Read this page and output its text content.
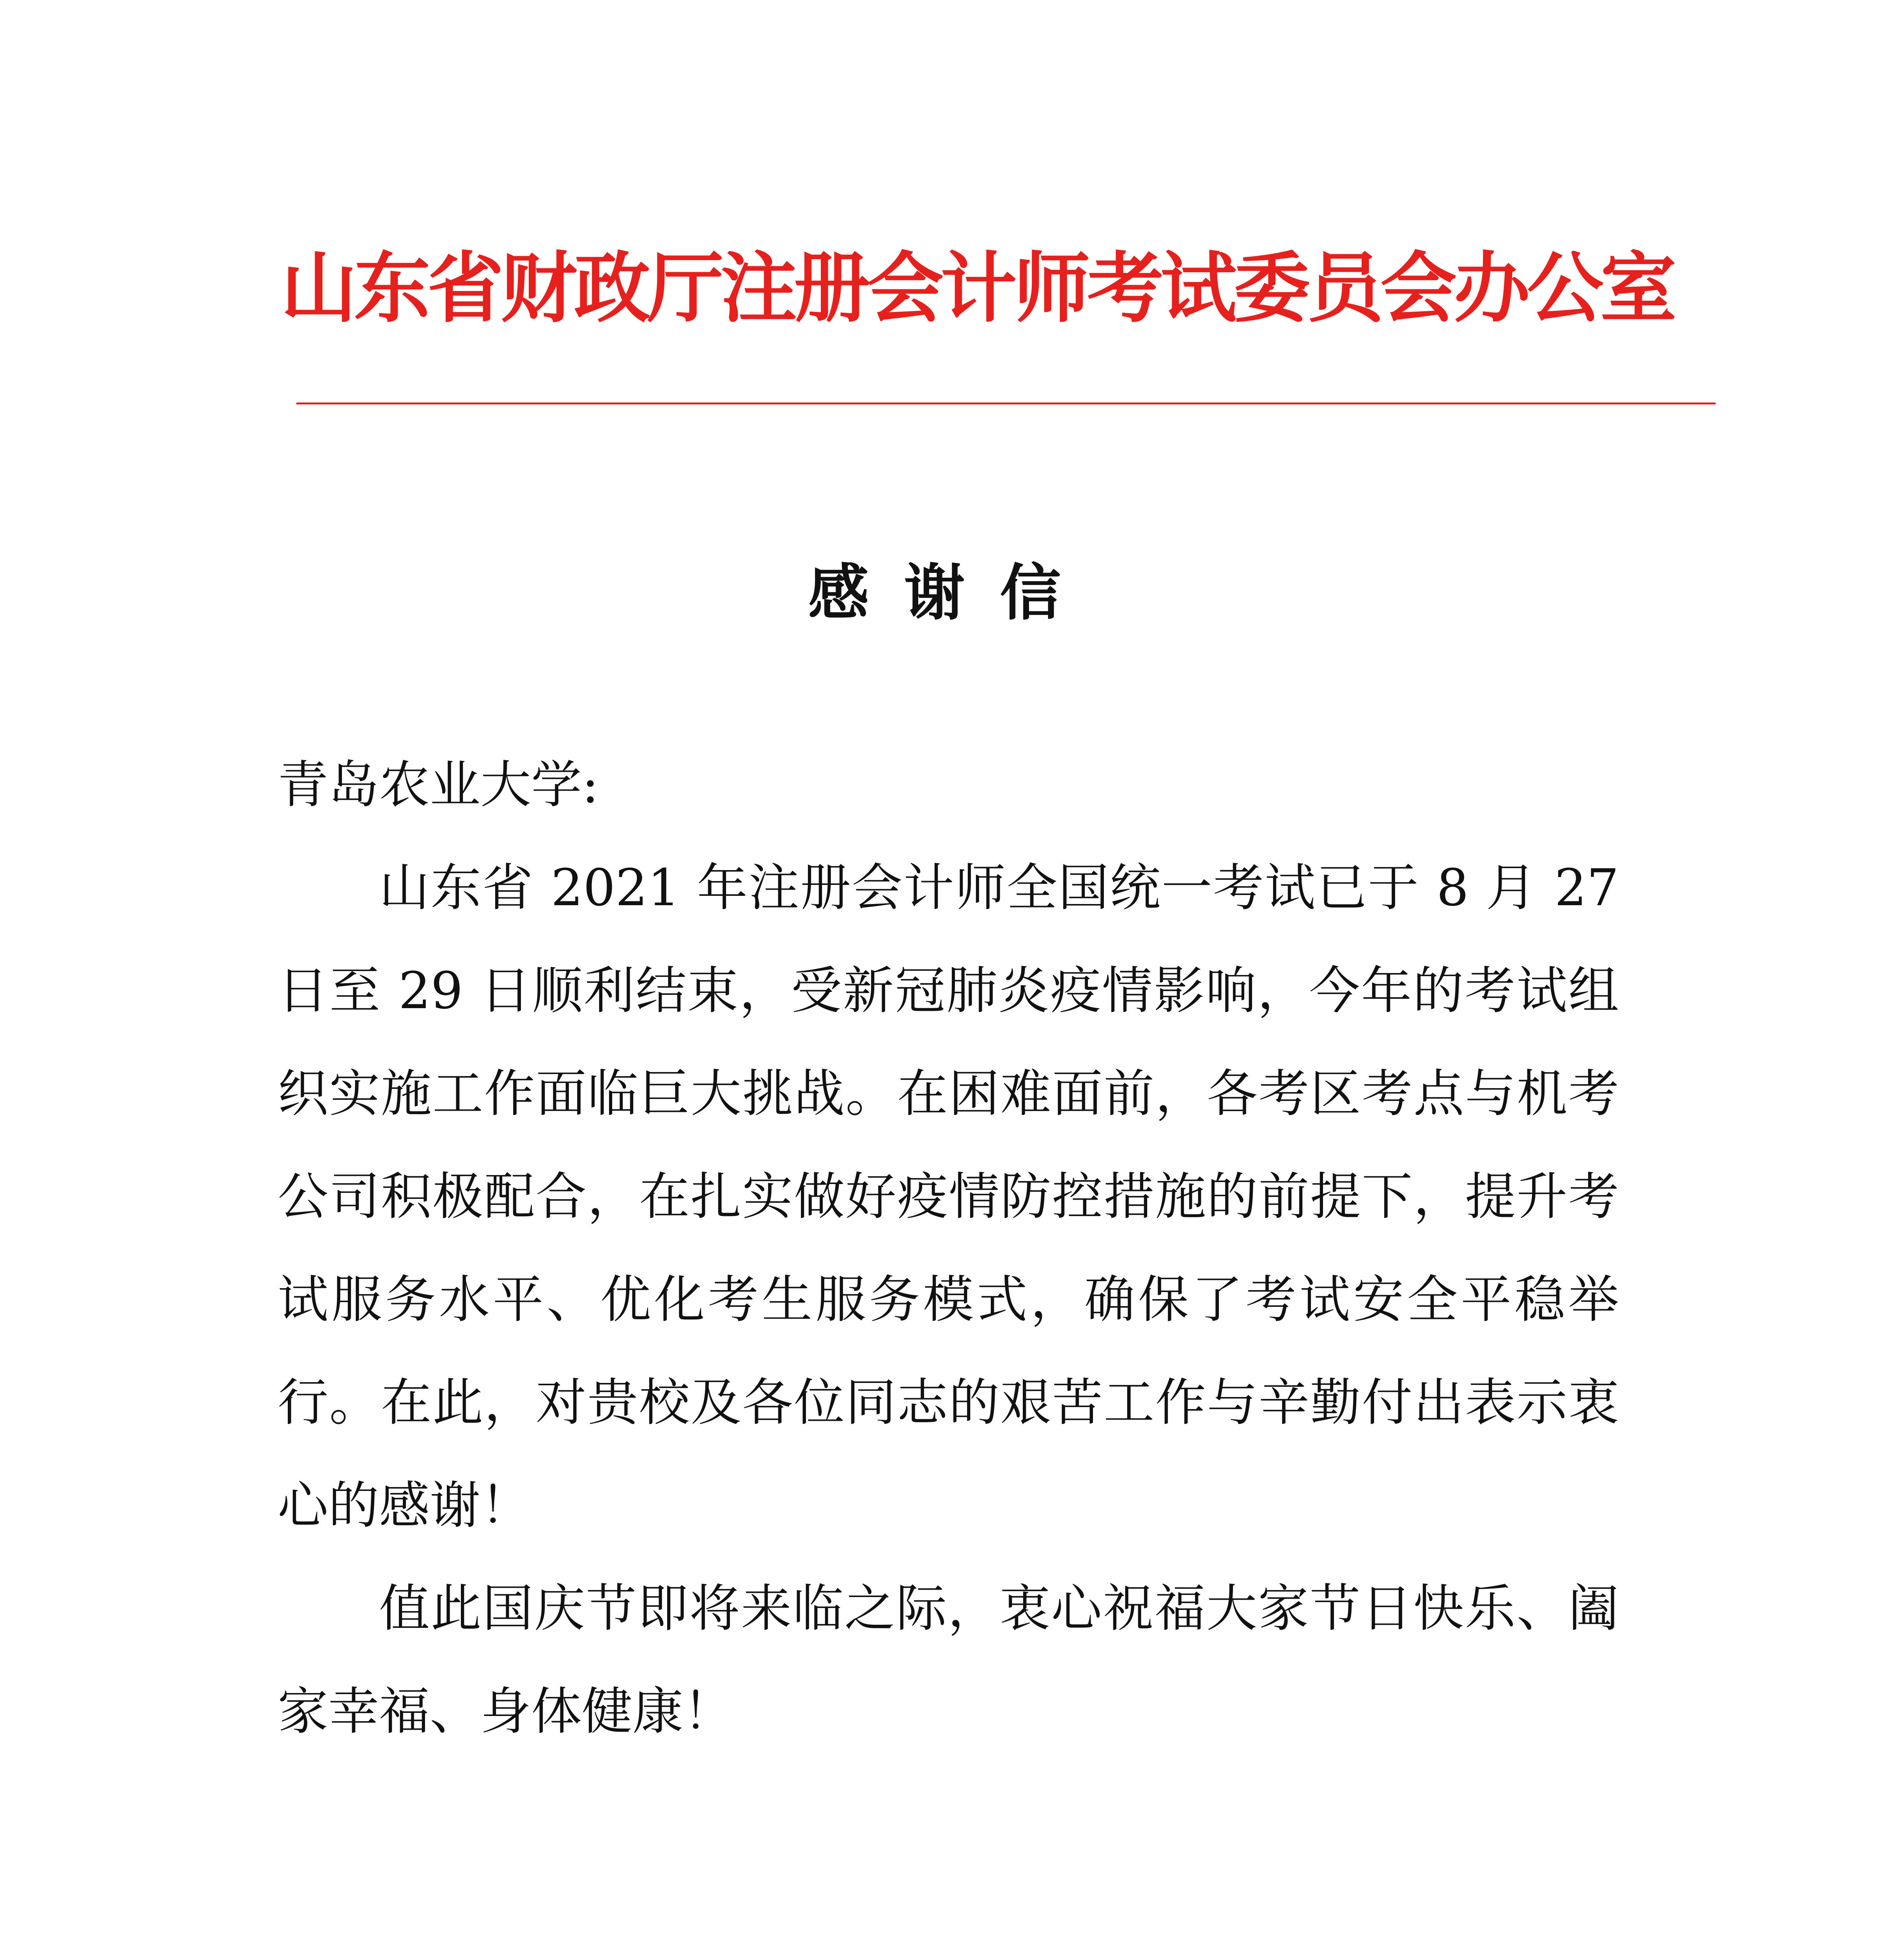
山东省财政厅注册会计师考试委员会办公室
感谢信
青岛农业大学:
山东省 2021 年注册会计师全国统一考试已于 8 月 27 日至 29 日顺利结束，受新冠肺炎疫情影响，今年的考试组织实施工作面临巨大挑战。在困难面前，各考区考点与机考公司积极配合，在扎实做好疫情防控措施的前提下，提升考试服务水平、优化考生服务模式，确保了考试安全平稳举行。在此，对贵校及各位同志的艰苦工作与辛勤付出表示衷心的感谢！
值此国庆节即将来临之际，衷心祝福大家节日快乐、阖家幸福、身体健康！
